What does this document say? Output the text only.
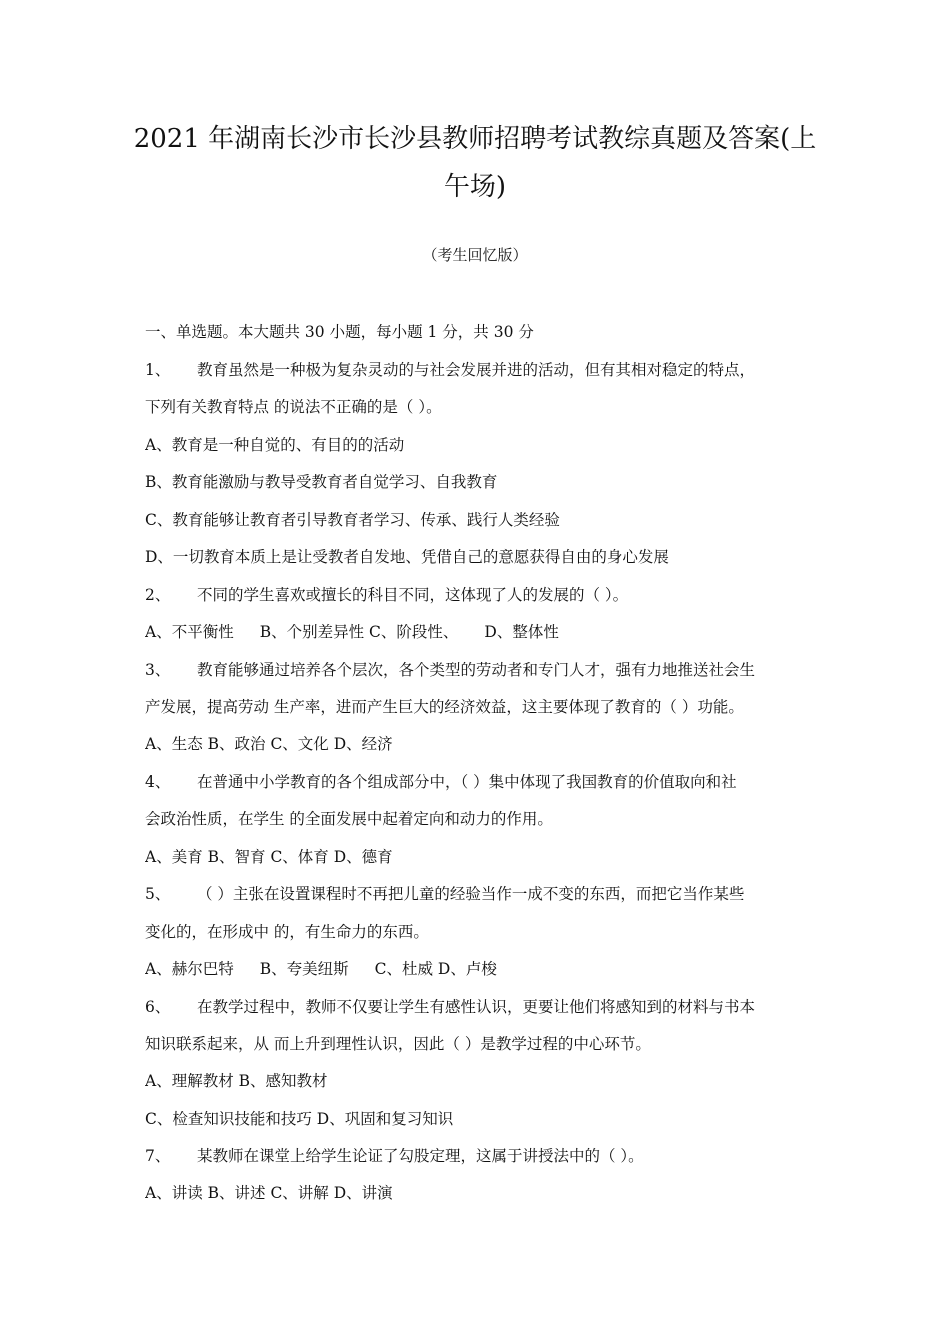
2021 年湖南长沙市长沙县教师招聘考试教综真题及答案(上
午场)
（考生回忆版）
一、单选题。本大题共 30 小题，每小题 1 分，共 30 分
1、 教育虽然是一种极为复杂灵动的与社会发展并进的活动，但有其相对稳定的特点，
下列有关教育特点 的说法不正确的是（ ）。
A、教育是一种自觉的、有目的的活动
B、教育能激励与教导受教育者自觉学习、自我教育
C、教育能够让教育者引导教育者学习、传承、践行人类经验
D、一切教育本质上是让受教者自发地、凭借自己的意愿获得自由的身心发展
2、 不同的学生喜欢或擅长的科目不同，这体现了人的发展的（ ）。
A、不平衡性 B、个别差异性 C、阶段性、 D、整体性
3、 教育能够通过培养各个层次，各个类型的劳动者和专门人才，强有力地推送社会生
产发展，提高劳动 生产率，进而产生巨大的经济效益，这主要体现了教育的（ ）功能。
A、生态 B、政治 C、文化 D、经济
4、 在普通中小学教育的各个组成部分中，（ ）集中体现了我国教育的价值取向和社
会政治性质，在学生 的全面发展中起着定向和动力的作用。
A、美育 B、智育 C、体育 D、德育
5、 （ ）主张在设置课程时不再把儿童的经验当作一成不变的东西，而把它当作某些
变化的，在形成中 的，有生命力的东西。
A、赫尔巴特 B、夸美纽斯 C、杜威 D、卢梭
6、 在教学过程中，教师不仅要让学生有感性认识，更要让他们将感知到的材料与书本
知识联系起来，从 而上升到理性认识，因此（ ）是教学过程的中心环节。
A、理解教材 B、感知教材
C、检查知识技能和技巧 D、巩固和复习知识
7、 某教师在课堂上给学生论证了勾股定理，这属于讲授法中的（ ）。
A、讲读 B、讲述 C、讲解 D、讲演
